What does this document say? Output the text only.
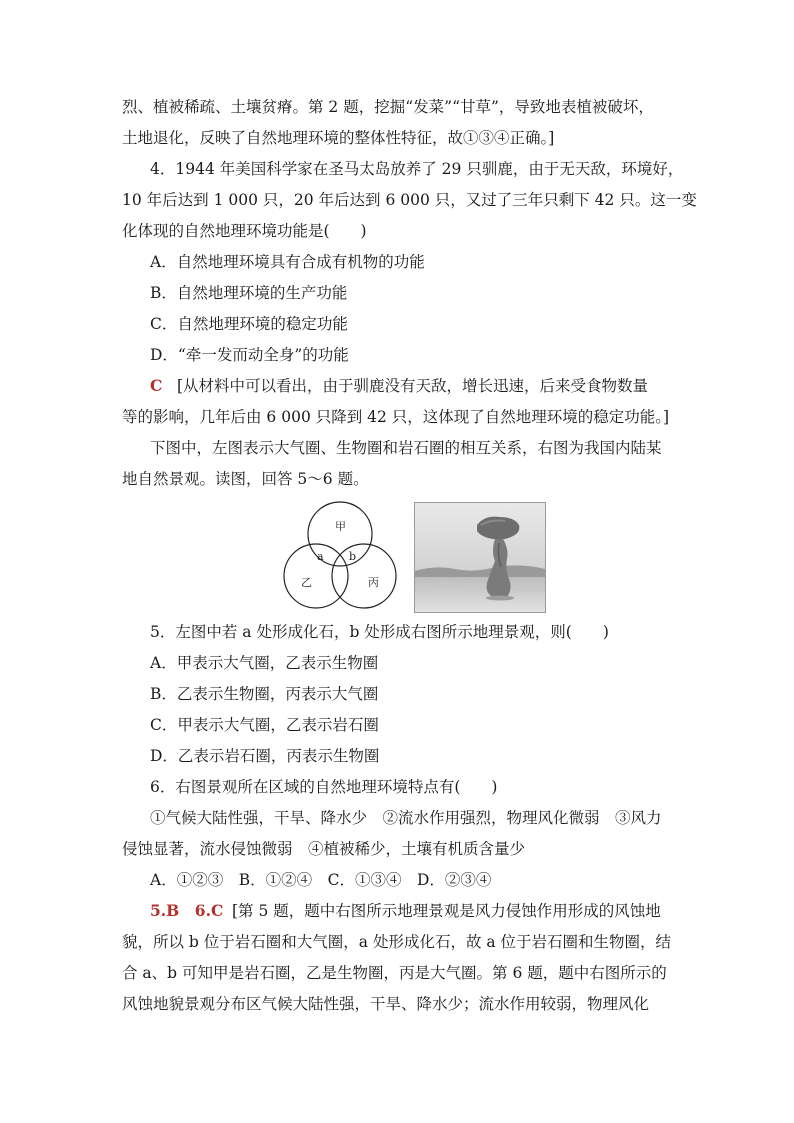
烈、植被稀疏、土壤贫瘠。第 2 题，挖掘“发菜”“甘草”，导致地表植被破坏，
土地退化，反映了自然地理环境的整体性特征，故①③④正确。]
4．1944 年美国科学家在圣马太岛放养了 29 只驯鹿，由于无天敌，环境好，
10 年后达到 1 000 只，20 年后达到 6 000 只，又过了三年只剩下 42 只。这一变
化体现的自然地理环境功能是(　　)
A．自然地理环境具有合成有机物的功能
B．自然地理环境的生产功能
C．自然地理环境的稳定功能
D．“牵一发而动全身”的功能
C [从材料中可以看出，由于驯鹿没有天敌，增长迅速，后来受食物数量
等的影响，几年后由 6 000 只降到 42 只，这体现了自然地理环境的稳定功能。]
下图中，左图表示大气圈、生物圈和岩石圈的相互关系，右图为我国内陆某
地自然景观。读图，回答 5～6 题。
甲
a b
乙	丙
5．左图中若 a 处形成化石，b 处形成右图所示地理景观，则(　　)
A．甲表示大气圈，乙表示生物圈
B．乙表示生物圈，丙表示大气圈
C．甲表示大气圈，乙表示岩石圈
D．乙表示岩石圈，丙表示生物圈
6．右图景观所在区域的自然地理环境特点有(　　)
①气候大陆性强，干旱、降水少　②流水作用强烈，物理风化微弱　③风力
侵蚀显著，流水侵蚀微弱　④植被稀少，土壤有机质含量少
A．①②③　B．①②④　C．①③④　D．②③④
5.B　6.C [第 5 题，题中右图所示地理景观是风力侵蚀作用形成的风蚀地
貌，所以 b 位于岩石圈和大气圈，a 处形成化石，故 a 位于岩石圈和生物圈，结
合 a、b 可知甲是岩石圈，乙是生物圈，丙是大气圈。第 6 题，题中右图所示的
风蚀地貌景观分布区气候大陆性强，干旱、降水少；流水作用较弱，物理风化
